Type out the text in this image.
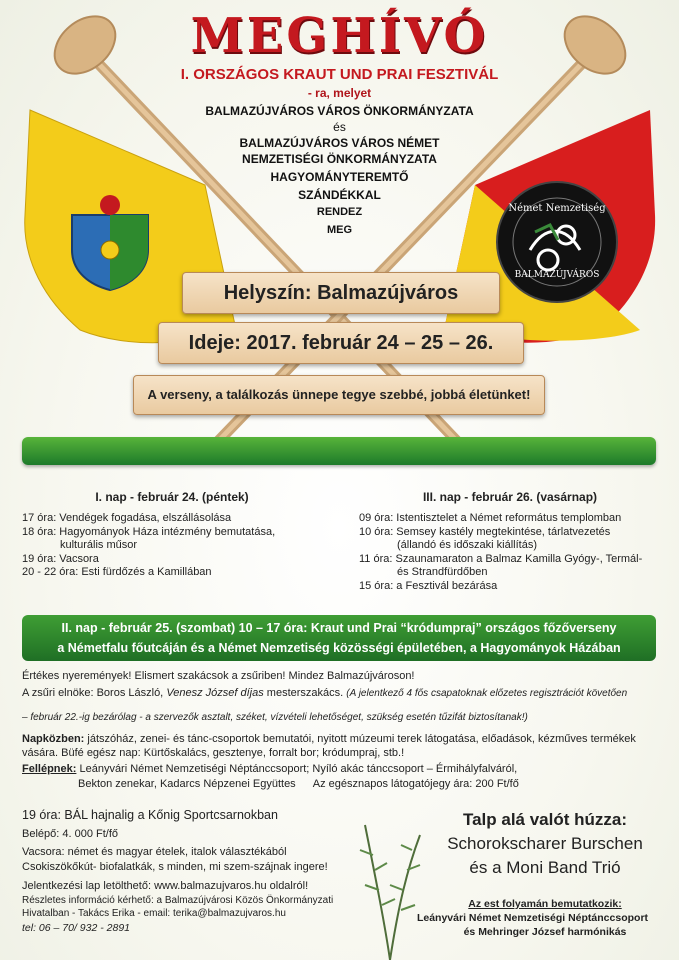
Német Nemzetiség
BALMAZÚJVÁROS
MEGHÍVÓ
I. ORSZÁGOS KRAUT UND PRAI FESZTIVÁL
- ra, melyet
BALMAZÚJVÁROS VÁROS ÖNKORMÁNYZATA
és
BALMAZÚJVÁROS VÁROS NÉMET
NEMZETISÉGI ÖNKORMÁNYZATA
HAGYOMÁNYTEREMTŐ
SZÁNDÉKKAL
RENDEZ
MEG
Helyszín: Balmazújváros
Ideje: 2017. február 24 – 25 – 26.
A verseny, a találkozás ünnepe tegye szebbé, jobbá életünket!
I. nap - február 24. (péntek)
17 óra: Vendégek fogadása, elszállásolása
18 óra: Hagyományok Háza intézmény bemutatása,
kulturális műsor
19 óra: Vacsora
20 - 22 óra: Esti fürdőzés a Kamillában
III. nap - február 26. (vasárnap)
09 óra: Istentisztelet a Német református templomban
10 óra: Semsey kastély megtekintése, tárlatvezetés
(állandó és időszaki kiállítás)
11 óra: Szaunamaraton a Balmaz Kamilla Gyógy-, Termál-
és Strandfürdőben
15 óra: a Fesztivál bezárása
II. nap - február 25. (szombat) 10 – 17 óra: Kraut und Prai “kródumpraj” országos főzőverseny
a Németfalu főutcáján és a Német Nemzetiség közösségi épületében, a Hagyományok Házában
Értékes nyeremények! Elismert szakácsok a zsűriben! Mindez Balmazújvároson!
A zsűri elnöke: Boros László, Venesz József díjas mesterszakács. (A jelentkező 4 fős csapatoknak előzetes regisztrációt követően
– február 22.-ig bezárólag - a szervezők asztalt, széket, vízvételi lehetőséget, szükség esetén tűzifát biztosítanak!)
Napközben: játszóház, zenei- és tánc-csoportok bemutatói, nyitott múzeumi terek látogatása, előadások, kézműves termékek
vására. Büfé egész nap: Kürtőskalács, gesztenye, forralt bor; kródumpraj, stb.!
Fellépnek: Leányvári Német Nemzetiségi Néptánccsoport; Nyíló akác tánccsoport – Érmihályfalváról,
Bekton zenekar, Kadarcs Népzenei Együttes Az egésznapos látogatójegy ára: 200 Ft/fő
19 óra: BÁL hajnalig a Kőnig Sportcsarnokban
Belépő: 4. 000 Ft/fő
Vacsora: német és magyar ételek, italok választékából
Csokiszökőkút- biofalatkák, s minden, mi szem-szájnak ingere!
Jelentkezési lap letölthető: www.balmazujvaros.hu oldalról!
Részletes információ kérhető: a Balmazújvárosi Közös Önkormányzati
Hivatalban - Takács Erika - email: terika@balmazujvaros.hu
tel: 06 – 70/ 932 - 2891
Talp alá valót húzza:
Schorokscharer Burschen
és a Moni Band Trió
Az est folyamán bemutatkozik:
Leányvári Német Nemzetiségi Néptánccsoport
és Mehringer József harmónikás
